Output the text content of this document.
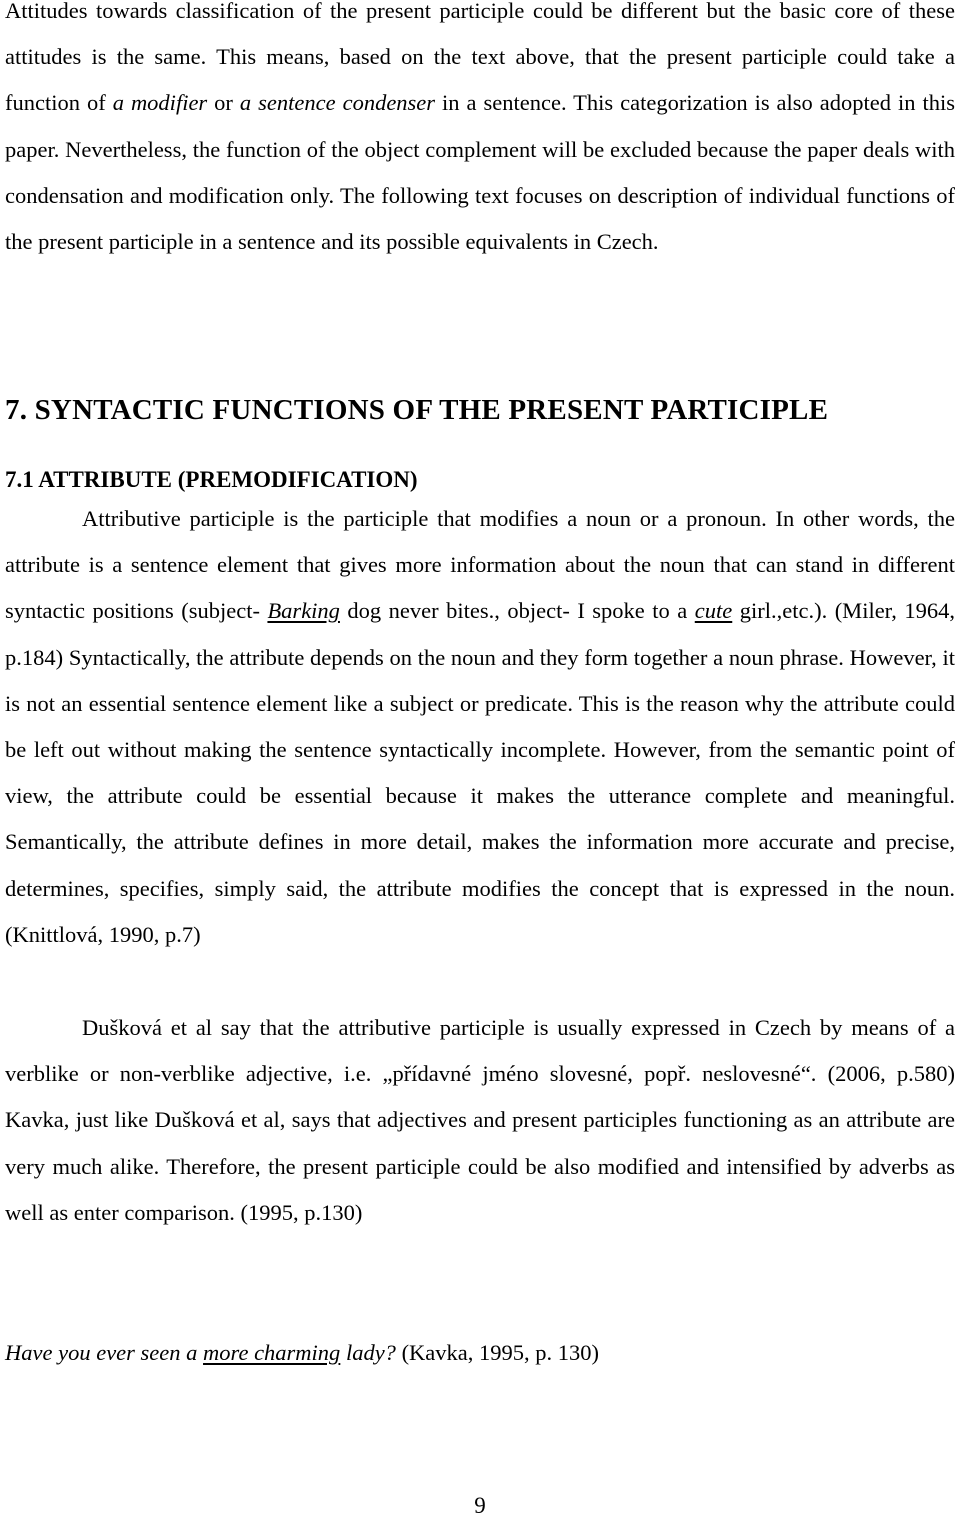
Attitudes towards classification of the present participle could be different but the basic core of these attitudes is the same. This means, based on the text above, that the present participle could take a function of a modifier or a sentence condenser in a sentence. This categorization is also adopted in this paper. Nevertheless, the function of the object complement will be excluded because the paper deals with condensation and modification only. The following text focuses on description of individual functions of the present participle in a sentence and its possible equivalents in Czech.

7. SYNTACTIC FUNCTIONS OF THE PRESENT PARTICIPLE
7.1 ATTRIBUTE (PREMODIFICATION)

Attributive participle is the participle that modifies a noun or a pronoun. In other words, the attribute is a sentence element that gives more information about the noun that can stand in different syntactic positions (subject- Barking dog never bites., object- I spoke to a cute girl.,etc.). (Miler, 1964, p.184) Syntactically, the attribute depends on the noun and they form together a noun phrase. However, it is not an essential sentence element like a subject or predicate. This is the reason why the attribute could be left out without making the sentence syntactically incomplete. However, from the semantic point of view, the attribute could be essential because it makes the utterance complete and meaningful. Semantically, the attribute defines in more detail, makes the information more accurate and precise, determines, specifies, simply said, the attribute modifies the concept that is expressed in the noun. (Knittlová, 1990, p.7)

Dušková et al say that the attributive participle is usually expressed in Czech by means of a verblike or non-verblike adjective, i.e. „přídavné jméno slovesné, popř. neslovesné“. (2006, p.580) Kavka, just like Dušková et al, says that adjectives and present participles functioning as an attribute are very much alike. Therefore, the present participle could be also modified and intensified by adverbs as well as enter comparison. (1995, p.130)

Have you ever seen a more charming lady? (Kavka, 1995, p. 130)

9
